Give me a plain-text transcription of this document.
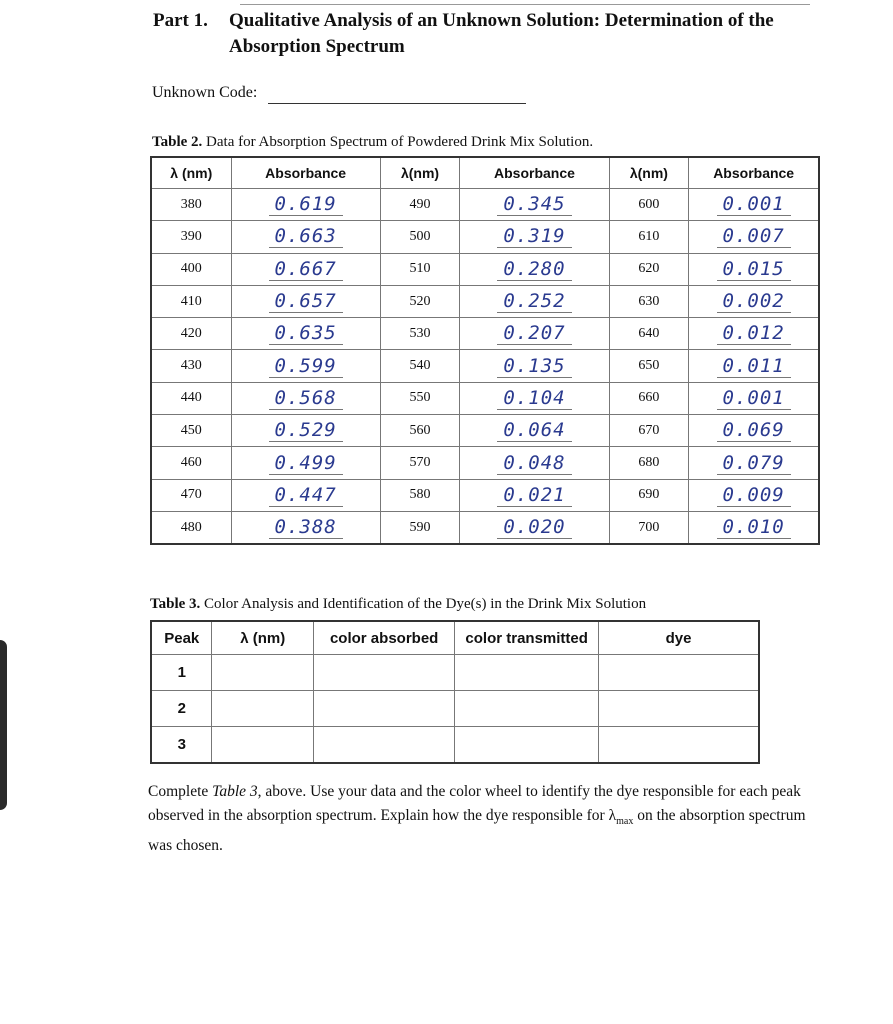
Part 1.	Qualitative Analysis of an Unknown Solution: Determination of the Absorption Spectrum
Unknown Code:
Table 2. Data for Absorption Spectrum of Powdered Drink Mix Solution.
λ (nm)	Absorbance	λ(nm)	Absorbance	λ(nm)	Absorbance
380	0.619	490	0.345	600	0.001
390	0.663	500	0.319	610	0.007
400	0.667	510	0.280	620	0.015
410	0.657	520	0.252	630	0.002
420	0.635	530	0.207	640	0.012
430	0.599	540	0.135	650	0.011
440	0.568	550	0.104	660	0.001
450	0.529	560	0.064	670	0.069
460	0.499	570	0.048	680	0.079
470	0.447	580	0.021	690	0.009
480	0.388	590	0.020	700	0.010
Table 3. Color Analysis and Identification of the Dye(s) in the Drink Mix Solution
Peak	λ (nm)	color absorbed	color transmitted	dye
1				
2				
3				
Complete Table 3, above. Use your data and the color wheel to identify the dye responsible for each peak observed in the absorption spectrum. Explain how the dye responsible for $\lambda_{max}$ on the absorption spectrum was chosen.
